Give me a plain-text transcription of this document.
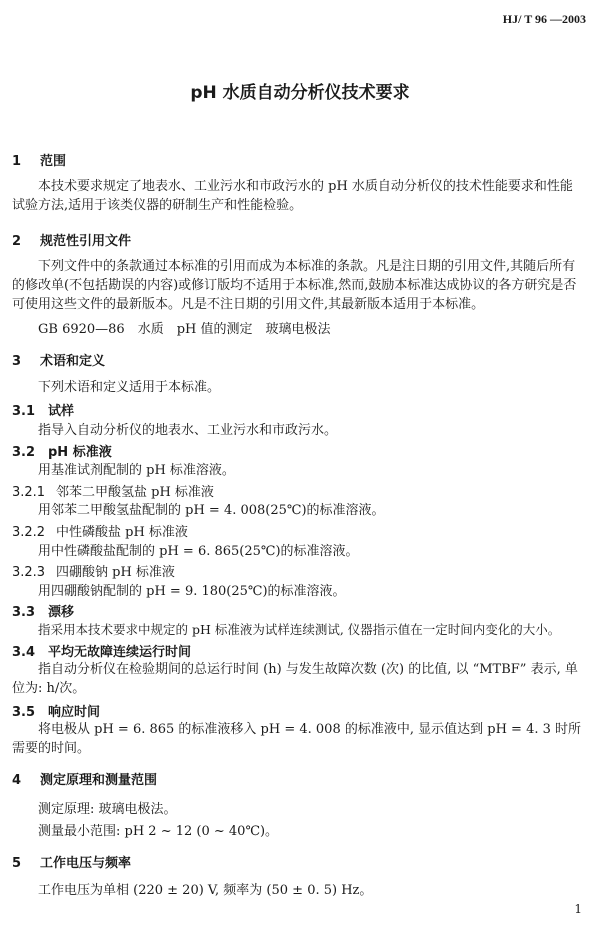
HJ/ T 96 —2003
pH 水质自动分析仪技术要求
1 范围

本技术要求规定了地表水、工业污水和市政污水的 pH 水质自动分析仪的技术性能要求和性能试验方法,适用于该类仪器的研制生产和性能检验。

2 规范性引用文件

下列文件中的条款通过本标准的引用而成为本标准的条款。凡是注日期的引用文件,其随后所有的修改单(不包括勘误的内容)或修订版均不适用于本标准,然而,鼓励本标准达成协议的各方研究是否可使用这些文件的最新版本。凡是不注日期的引用文件,其最新版本适用于本标准。

GB 6920—86　水质　pH 值的测定　玻璃电极法
3 术语和定义
下列术语和定义适用于本标准。
3.1 试样
指导入自动分析仪的地表水、工业污水和市政污水。
3.2 pH 标准液
用基准试剂配制的 pH 标准溶液。
3.2.1 邻苯二甲酸氢盐 pH 标准液
用邻苯二甲酸氢盐配制的 pH = 4. 008(25℃)的标准溶液。
3.2.2 中性磷酸盐 pH 标准液
用中性磷酸盐配制的 pH = 6. 865(25℃)的标准溶液。
3.2.3 四硼酸钠 pH 标准液
用四硼酸钠配制的 pH = 9. 180(25℃)的标准溶液。
3.3 漂移
指采用本技术要求中规定的 pH 标准液为试样连续测试, 仪器指示值在一定时间内变化的大小。
3.4 平均无故障连续运行时间

指自动分析仪在检验期间的总运行时间 (h) 与发生故障次数 (次) 的比值, 以 “MTBF” 表示, 单位为: h/次。

3.5 响应时间

将电极从 pH = 6. 865 的标准液移入 pH = 4. 008 的标准液中, 显示值达到 pH = 4. 3 时所需要的时间。

4 测定原理和测量范围
测定原理: 玻璃电极法。
测量最小范围: pH 2 ~ 12 (0 ~ 40℃)。
5 工作电压与频率
工作电压为单相 (220 ± 20) V, 频率为 (50 ± 0. 5) Hz。
1
